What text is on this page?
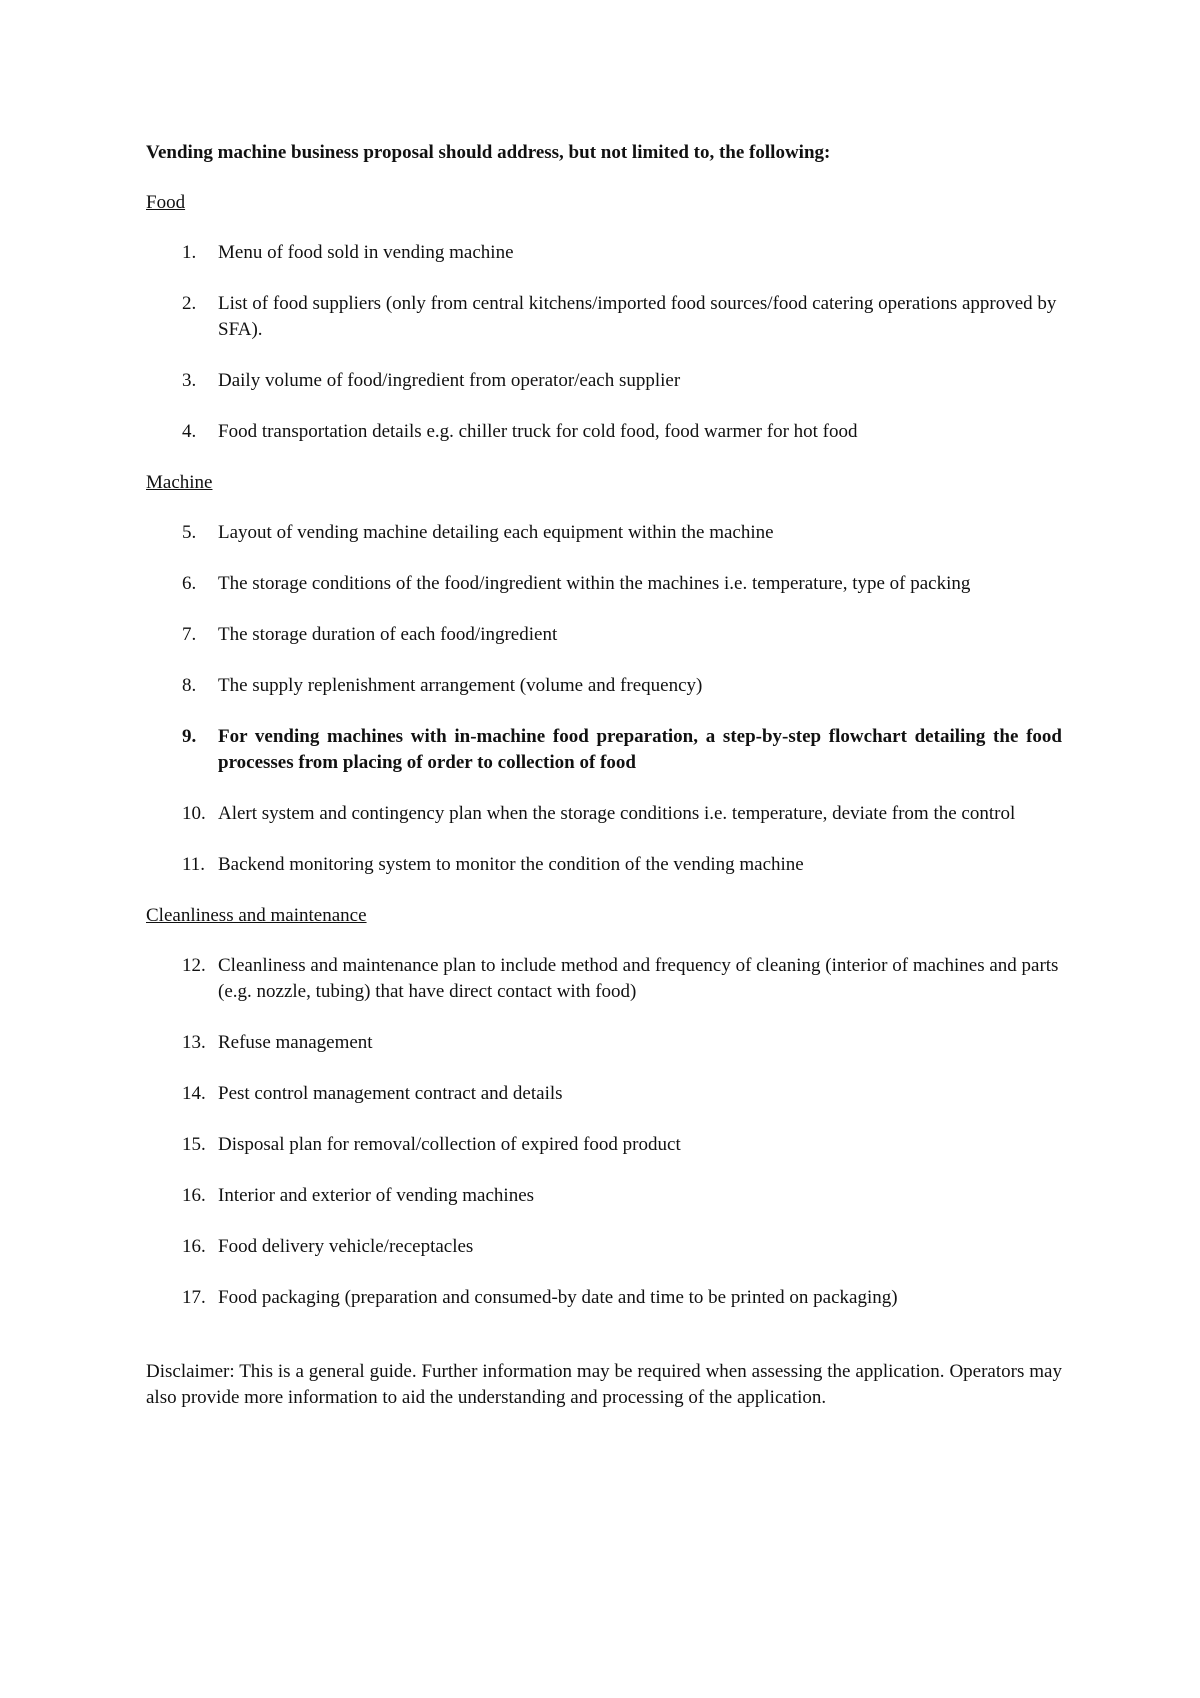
Vending machine business proposal should address, but not limited to, the following:

Food

1. Menu of food sold in vending machine
2. List of food suppliers (only from central kitchens/imported food sources/food catering operations approved by SFA).
3. Daily volume of food/ingredient from operator/each supplier
4. Food transportation details e.g. chiller truck for cold food, food warmer for hot food

Machine

5. Layout of vending machine detailing each equipment within the machine
6. The storage conditions of the food/ingredient within the machines i.e. temperature, type of packing
7. The storage duration of each food/ingredient
8. The supply replenishment arrangement (volume and frequency)
9. For vending machines with in-machine food preparation, a step-by-step flowchart detailing the food processes from placing of order to collection of food
10. Alert system and contingency plan when the storage conditions i.e. temperature, deviate from the control
11. Backend monitoring system to monitor the condition of the vending machine

Cleanliness and maintenance

12. Cleanliness and maintenance plan to include method and frequency of cleaning (interior of machines and parts (e.g. nozzle, tubing) that have direct contact with food)
13. Refuse management
14. Pest control management contract and details
15. Disposal plan for removal/collection of expired food product
16. Interior and exterior of vending machines
16. Food delivery vehicle/receptacles
17. Food packaging (preparation and consumed-by date and time to be printed on packaging)

Disclaimer: This is a general guide. Further information may be required when assessing the application. Operators may also provide more information to aid the understanding and processing of the application.
